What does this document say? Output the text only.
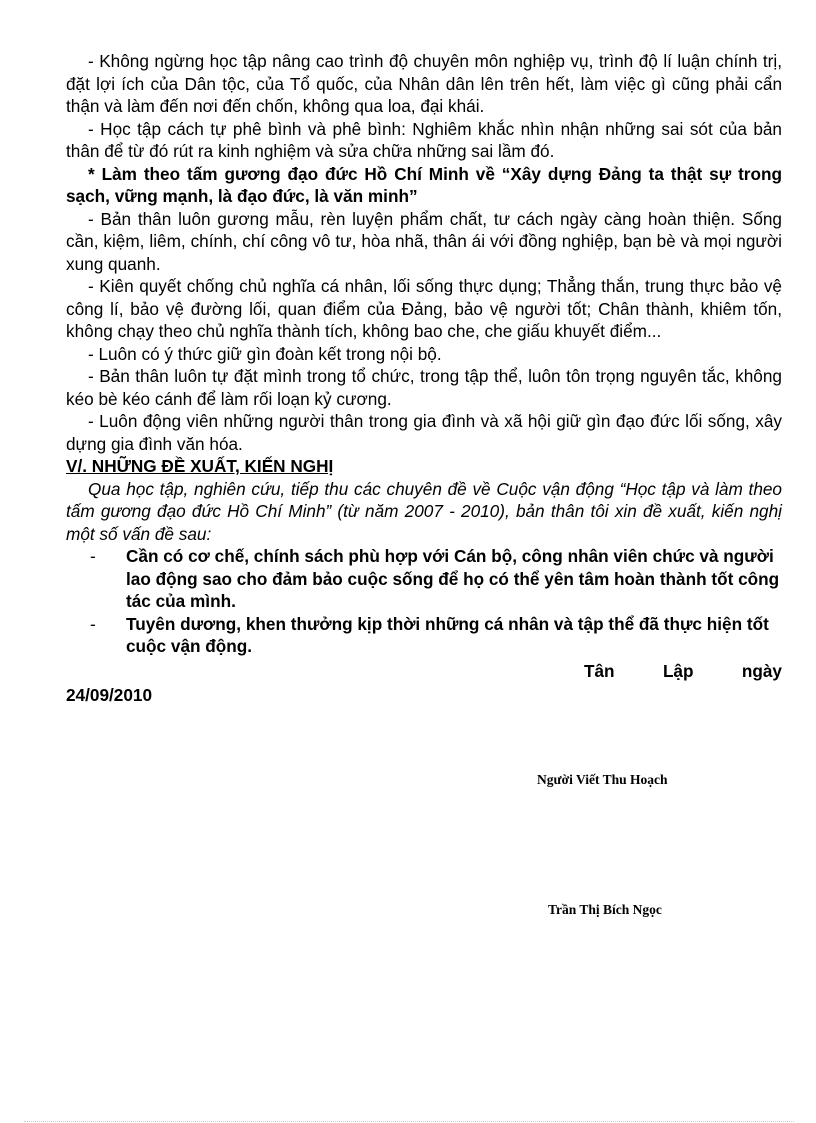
- Không ngừng học tập nâng cao trình độ chuyên môn nghiệp vụ, trình độ lí luận chính trị, đặt lợi ích của Dân tộc, của Tổ quốc, của Nhân dân lên trên hết, làm việc gì cũng phải cẩn thận và làm đến nơi đến chốn, không qua loa, đại khái.

- Học tập cách tự phê bình và phê bình: Nghiêm khắc nhìn nhận những sai sót của bản thân để từ đó rút ra kinh nghiệm và sửa chữa những sai lầm đó.

* Làm theo tấm gương đạo đức Hồ Chí Minh về “Xây dựng Đảng ta thật sự trong sạch, vững mạnh, là đạo đức, là văn minh”

- Bản thân luôn gương mẫu, rèn luyện phẩm chất, tư cách ngày càng hoàn thiện. Sống cần, kiệm, liêm, chính, chí công vô tư, hòa nhã, thân ái với đồng nghiệp, bạn bè và mọi người xung quanh.

- Kiên quyết chống chủ nghĩa cá nhân, lối sống thực dụng; Thẳng thắn, trung thực bảo vệ công lí, bảo vệ đường lối, quan điểm của Đảng, bảo vệ người tốt; Chân thành, khiêm tốn, không chạy theo chủ nghĩa thành tích, không bao che, che giấu khuyết điểm...

- Luôn có ý thức giữ gìn đoàn kết trong nội bộ.

- Bản thân luôn tự đặt mình trong tổ chức, trong tập thể, luôn tôn trọng nguyên tắc, không kéo bè kéo cánh để làm rối loạn kỷ cương.

- Luôn động viên những người thân trong gia đình và xã hội giữ gìn đạo đức lối sống, xây dựng gia đình văn hóa.

V/. NHỮNG ĐỀ XUẤT, KIẾN NGHỊ

Qua học tập, nghiên cứu, tiếp thu các chuyên đề về Cuộc vận động “Học tập và làm theo tấm gương đạo đức Hồ Chí Minh” (từ năm 2007 - 2010), bản thân tôi xin đề xuất, kiến nghị một số vấn đề sau:

- Cần có cơ chế, chính sách phù hợp với Cán bộ, công nhân viên chức và người lao động sao cho đảm bảo cuộc sống để họ có thể yên tâm hoàn thành tốt công tác của mình.
- Tuyên dương, khen thưởng kịp thời những cá nhân và tập thể đã thực hiện tốt cuộc vận động.
Tân	Lập	ngày

24/09/2010

Người Viết Thu Hoạch
Trần Thị Bích Ngọc
